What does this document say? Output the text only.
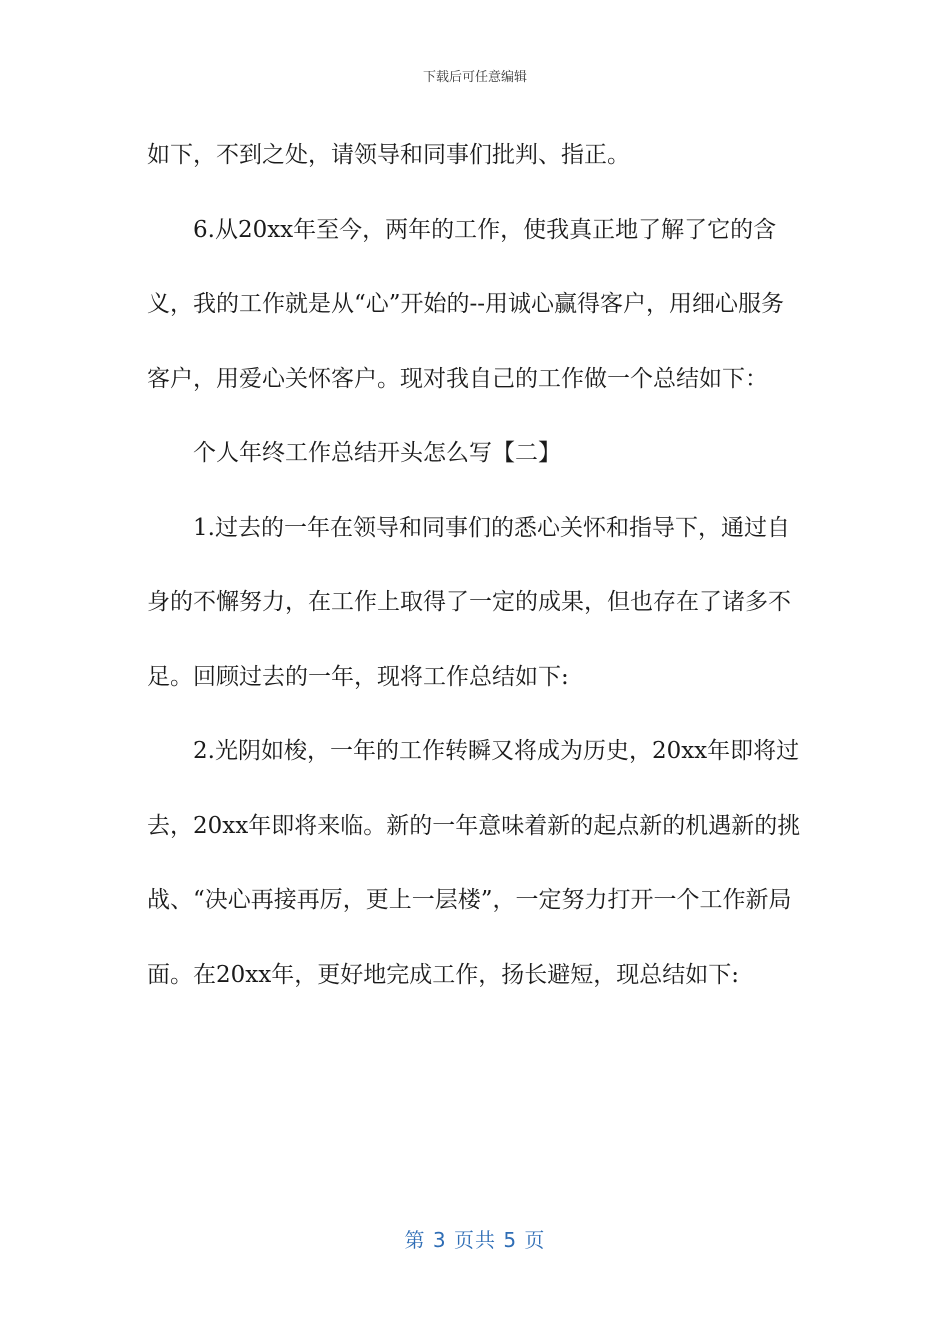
下载后可任意编辑

如下，不到之处，请领导和同事们批判、指正。

6.从20xx年至今，两年的工作，使我真正地了解了它的含义，我的工作就是从“心”开始的--用诚心赢得客户，用细心服务客户，用爱心关怀客户。现对我自己的工作做一个总结如下：

个人年终工作总结开头怎么写【二】

1.过去的一年在领导和同事们的悉心关怀和指导下，通过自身的不懈努力，在工作上取得了一定的成果，但也存在了诸多不足。回顾过去的一年，现将工作总结如下:

2.光阴如梭，一年的工作转瞬又将成为历史，20xx年即将过去，20xx年即将来临。新的一年意味着新的起点新的机遇新的挑战、“决心再接再厉，更上一层楼”，一定努力打开一个工作新局面。在20xx年，更好地完成工作，扬长避短，现总结如下:

第 3 页共 5 页
